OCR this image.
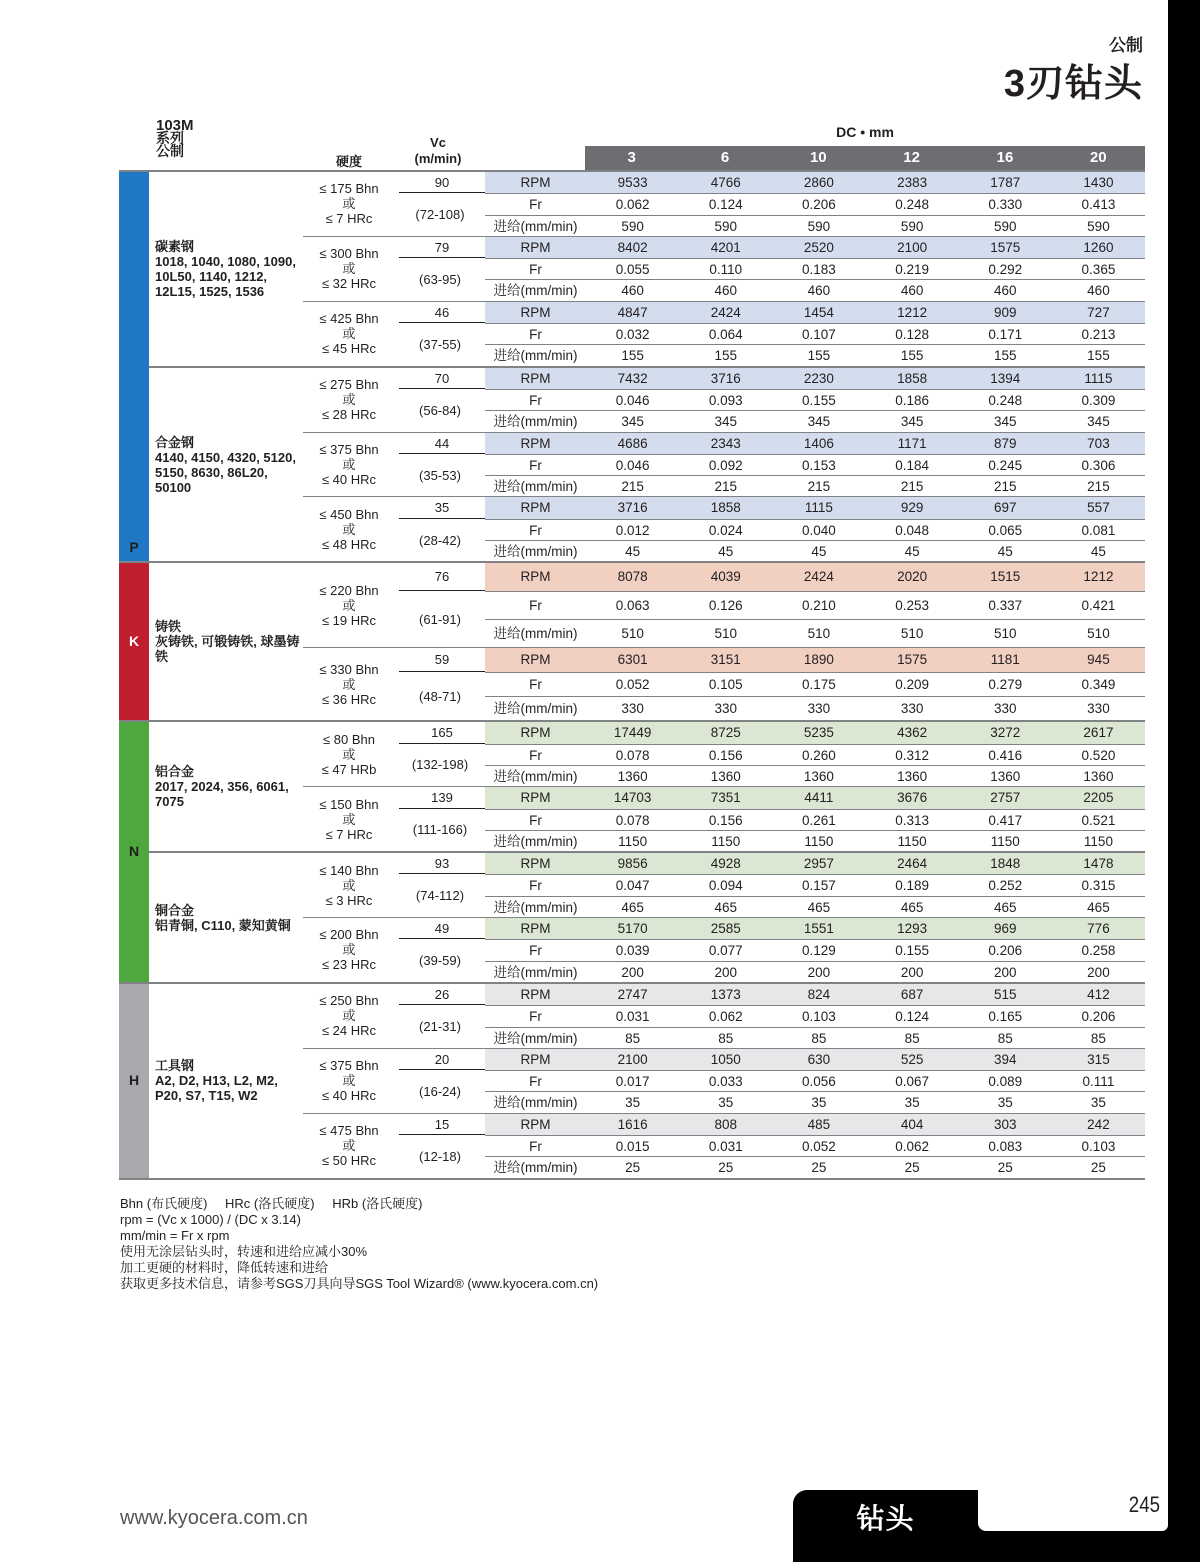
钻头	245
www.kyocera.com.cn
公制
3刃钻头
103M
系列
公制
硬度
Vc
(m/min)
DC • mm
3	6	10	12	16	20
P
碳素钢
1018, 1040, 1080, 1090, 10L50, 1140, 1212, 12L15, 1525, 1536
≤ 175 Bhn
或
≤ 7 HRc
90
(72-108)
RPM	9533	4766	2860	2383	1787	1430
Fr	0.062	0.124	0.206	0.248	0.330	0.413
进给(mm/min)	590	590	590	590	590	590
≤ 300 Bhn
或
≤ 32 HRc
79
(63-95)
RPM	8402	4201	2520	2100	1575	1260
Fr	0.055	0.110	0.183	0.219	0.292	0.365
进给(mm/min)	460	460	460	460	460	460
≤ 425 Bhn
或
≤ 45 HRc
46
(37-55)
RPM	4847	2424	1454	1212	909	727
Fr	0.032	0.064	0.107	0.128	0.171	0.213
进给(mm/min)	155	155	155	155	155	155
合金钢
4140, 4150, 4320, 5120, 5150, 8630, 86L20, 50100
≤ 275 Bhn
或
≤ 28 HRc
70
(56-84)
RPM	7432	3716	2230	1858	1394	1115
Fr	0.046	0.093	0.155	0.186	0.248	0.309
进给(mm/min)	345	345	345	345	345	345
≤ 375 Bhn
或
≤ 40 HRc
44
(35-53)
RPM	4686	2343	1406	1171	879	703
Fr	0.046	0.092	0.153	0.184	0.245	0.306
进给(mm/min)	215	215	215	215	215	215
≤ 450 Bhn
或
≤ 48 HRc
35
(28-42)
RPM	3716	1858	1115	929	697	557
Fr	0.012	0.024	0.040	0.048	0.065	0.081
进给(mm/min)	45	45	45	45	45	45
K
铸铁
灰铸铁, 可锻铸铁, 球墨铸铁
≤ 220 Bhn
或
≤ 19 HRc
76
(61-91)
RPM	8078	4039	2424	2020	1515	1212
Fr	0.063	0.126	0.210	0.253	0.337	0.421
进给(mm/min)	510	510	510	510	510	510
≤ 330 Bhn
或
≤ 36 HRc
59
(48-71)
RPM	6301	3151	1890	1575	1181	945
Fr	0.052	0.105	0.175	0.209	0.279	0.349
进给(mm/min)	330	330	330	330	330	330
N
铝合金
2017, 2024, 356, 6061, 7075
≤ 80 Bhn
或
≤ 47 HRb
165
(132-198)
RPM	17449	8725	5235	4362	3272	2617
Fr	0.078	0.156	0.260	0.312	0.416	0.520
进给(mm/min)	1360	1360	1360	1360	1360	1360
≤ 150 Bhn
或
≤ 7 HRc
139
(111-166)
RPM	14703	7351	4411	3676	2757	2205
Fr	0.078	0.156	0.261	0.313	0.417	0.521
进给(mm/min)	1150	1150	1150	1150	1150	1150
铜合金
铝青铜, C110, 蒙知黄铜
≤ 140 Bhn
或
≤ 3 HRc
93
(74-112)
RPM	9856	4928	2957	2464	1848	1478
Fr	0.047	0.094	0.157	0.189	0.252	0.315
进给(mm/min)	465	465	465	465	465	465
≤ 200 Bhn
或
≤ 23 HRc
49
(39-59)
RPM	5170	2585	1551	1293	969	776
Fr	0.039	0.077	0.129	0.155	0.206	0.258
进给(mm/min)	200	200	200	200	200	200
H
工具钢
A2, D2, H13, L2, M2, P20, S7, T15, W2
≤ 250 Bhn
或
≤ 24 HRc
26
(21-31)
RPM	2747	1373	824	687	515	412
Fr	0.031	0.062	0.103	0.124	0.165	0.206
进给(mm/min)	85	85	85	85	85	85
≤ 375 Bhn
或
≤ 40 HRc
20
(16-24)
RPM	2100	1050	630	525	394	315
Fr	0.017	0.033	0.056	0.067	0.089	0.111
进给(mm/min)	35	35	35	35	35	35
≤ 475 Bhn
或
≤ 50 HRc
15
(12-18)
RPM	1616	808	485	404	303	242
Fr	0.015	0.031	0.052	0.062	0.083	0.103
进给(mm/min)	25	25	25	25	25	25
Bhn (布氏硬度) HRc (洛氏硬度) HRb (洛氏硬度)
rpm = (Vc x 1000) / (DC x 3.14)
mm/min = Fr x rpm
使用无涂层钻头时，转速和进给应减小30%
加工更硬的材料时，降低转速和进给
获取更多技术信息，请参考SGS刀具向导SGS Tool Wizard® (www.kyocera.com.cn)
